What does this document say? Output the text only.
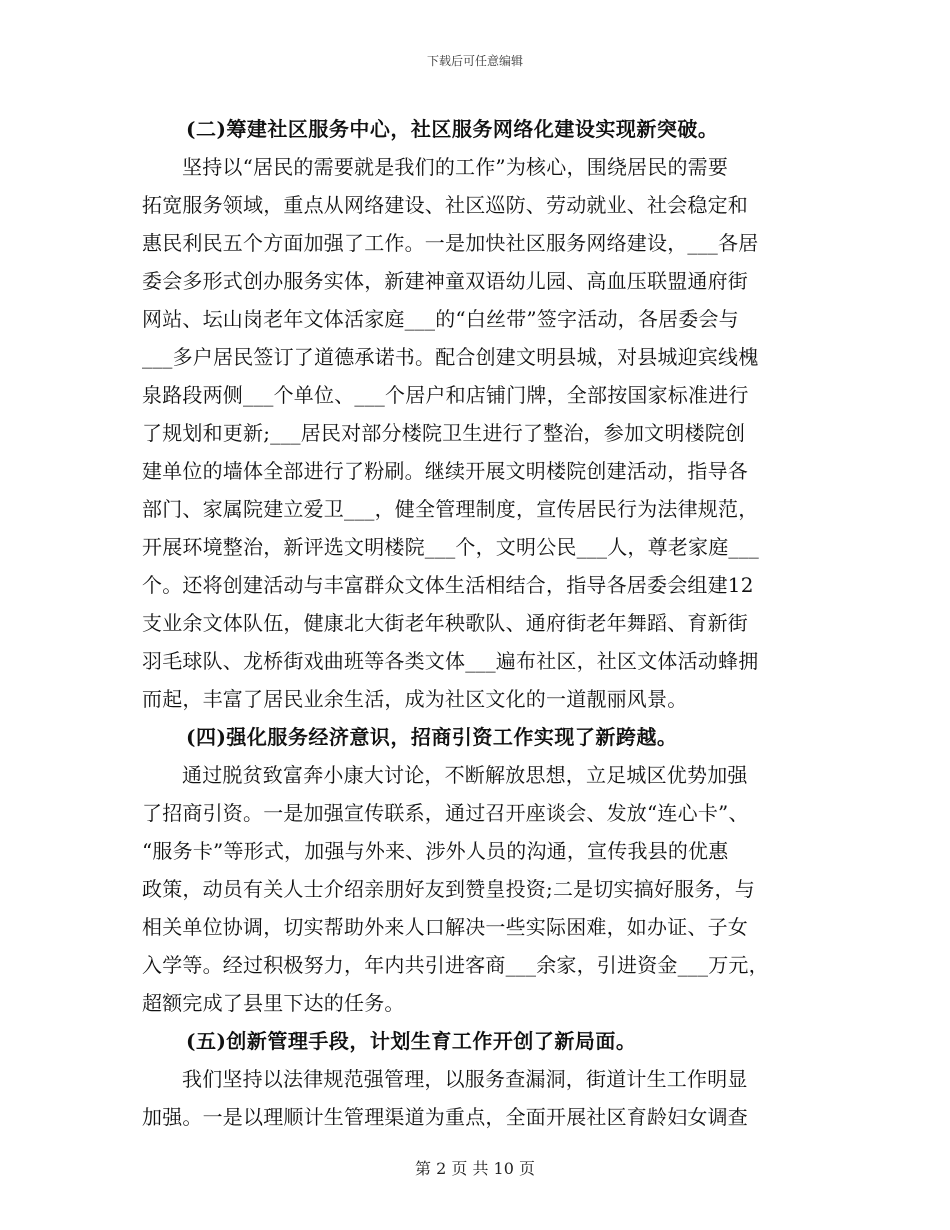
下载后可任意编辑
(二)筹建社区服务中心，社区服务网络化建设实现新突破。
坚持以“居民的需要就是我们的工作”为核心，围绕居民的需要
拓宽服务领域，重点从网络建设、社区巡防、劳动就业、社会稳定和
惠民利民五个方面加强了工作。一是加快社区服务网络建设，___各居
委会多形式创办服务实体，新建神童双语幼儿园、高血压联盟通府街
网站、坛山岗老年文体活家庭___的“白丝带”签字活动，各居委会与
___多户居民签订了道德承诺书。配合创建文明县城，对县城迎宾线槐
泉路段两侧___个单位、___个居户和店铺门牌，全部按国家标准进行
了规划和更新;___居民对部分楼院卫生进行了整治，参加文明楼院创
建单位的墙体全部进行了粉刷。继续开展文明楼院创建活动，指导各
部门、家属院建立爱卫___，健全管理制度，宣传居民行为法律规范，
开展环境整治，新评选文明楼院___个，文明公民___人，尊老家庭___
个。还将创建活动与丰富群众文体生活相结合，指导各居委会组建12
支业余文体队伍，健康北大街老年秧歌队、通府街老年舞蹈、育新街
羽毛球队、龙桥街戏曲班等各类文体___遍布社区，社区文体活动蜂拥
而起，丰富了居民业余生活，成为社区文化的一道靓丽风景。
(四)强化服务经济意识，招商引资工作实现了新跨越。
通过脱贫致富奔小康大讨论，不断解放思想，立足城区优势加强
了招商引资。一是加强宣传联系，通过召开座谈会、发放“连心卡”、
“服务卡”等形式，加强与外来、涉外人员的沟通，宣传我县的优惠
政策，动员有关人士介绍亲朋好友到赞皇投资;二是切实搞好服务，与
相关单位协调，切实帮助外来人口解决一些实际困难，如办证、子女
入学等。经过积极努力，年内共引进客商___余家，引进资金___万元，
超额完成了县里下达的任务。
(五)创新管理手段，计划生育工作开创了新局面。
我们坚持以法律规范强管理，以服务查漏洞，街道计生工作明显
加强。一是以理顺计生管理渠道为重点，全面开展社区育龄妇女调查
第 2 页 共 10 页
